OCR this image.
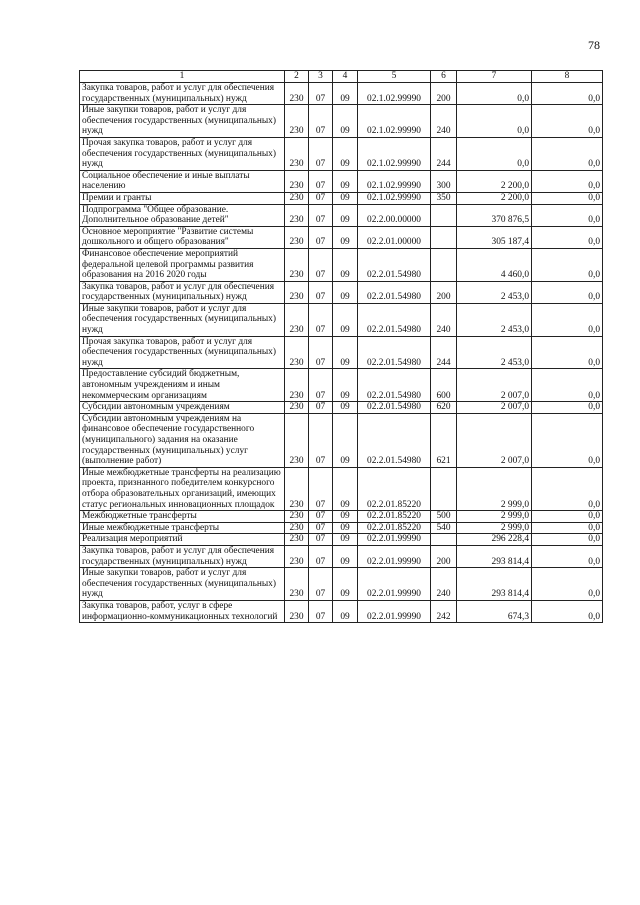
78
1	2	3	4	5	6	7	8
Закупка товаров, работ и услуг для обеспечения государственных (муниципальных) нужд	230	07	09	02.1.02.99990	200	0,0	0,0
Иные закупки товаров, работ и услуг для обеспечения государственных (муниципальных) нужд	230	07	09	02.1.02.99990	240	0,0	0,0
Прочая закупка товаров, работ и услуг для обеспечения государственных (муниципальных) нужд	230	07	09	02.1.02.99990	244	0,0	0,0
Социальное обеспечение и иные выплаты населению	230	07	09	02.1.02.99990	300	2 200,0	0,0
Премии и гранты	230	07	09	02.1.02.99990	350	2 200,0	0,0
Подпрограмма "Общее образование. Дополнительное образование детей"	230	07	09	02.2.00.00000		370 876,5	0,0
Основное мероприятие "Развитие системы дошкольного и общего образования"	230	07	09	02.2.01.00000		305 187,4	0,0
Финансовое обеспечение мероприятий федеральной целевой программы развития образования на 2016 2020 годы	230	07	09	02.2.01.54980		4 460,0	0,0
Закупка товаров, работ и услуг для обеспечения государственных (муниципальных) нужд	230	07	09	02.2.01.54980	200	2 453,0	0,0
Иные закупки товаров, работ и услуг для обеспечения государственных (муниципальных) нужд	230	07	09	02.2.01.54980	240	2 453,0	0,0
Прочая закупка товаров, работ и услуг для обеспечения государственных (муниципальных) нужд	230	07	09	02.2.01.54980	244	2 453,0	0,0
Предоставление субсидий бюджетным, автономным учреждениям и иным некоммерческим организациям	230	07	09	02.2.01.54980	600	2 007,0	0,0
Субсидии автономным учреждениям	230	07	09	02.2.01.54980	620	2 007,0	0,0
Субсидии автономным учреждениям на финансовое обеспечение государственного (муниципального) задания на оказание государственных (муниципальных) услуг (выполнение работ)	230	07	09	02.2.01.54980	621	2 007,0	0,0
Иные межбюджетные трансферты на реализацию проекта, признанного победителем конкурсного отбора образовательных организаций, имеющих статус региональных инновационных площадок	230	07	09	02.2.01.85220		2 999,0	0,0
Межбюджетные трансферты	230	07	09	02.2.01.85220	500	2 999,0	0,0
Иные межбюджетные трансферты	230	07	09	02.2.01.85220	540	2 999,0	0,0
Реализация мероприятий	230	07	09	02.2.01.99990		296 228,4	0,0
Закупка товаров, работ и услуг для обеспечения государственных (муниципальных) нужд	230	07	09	02.2.01.99990	200	293 814,4	0,0
Иные закупки товаров, работ и услуг для обеспечения государственных (муниципальных) нужд	230	07	09	02.2.01.99990	240	293 814,4	0,0
Закупка товаров, работ, услуг в сфере информационно-коммуникационных технологий	230	07	09	02.2.01.99990	242	674,3	0,0
